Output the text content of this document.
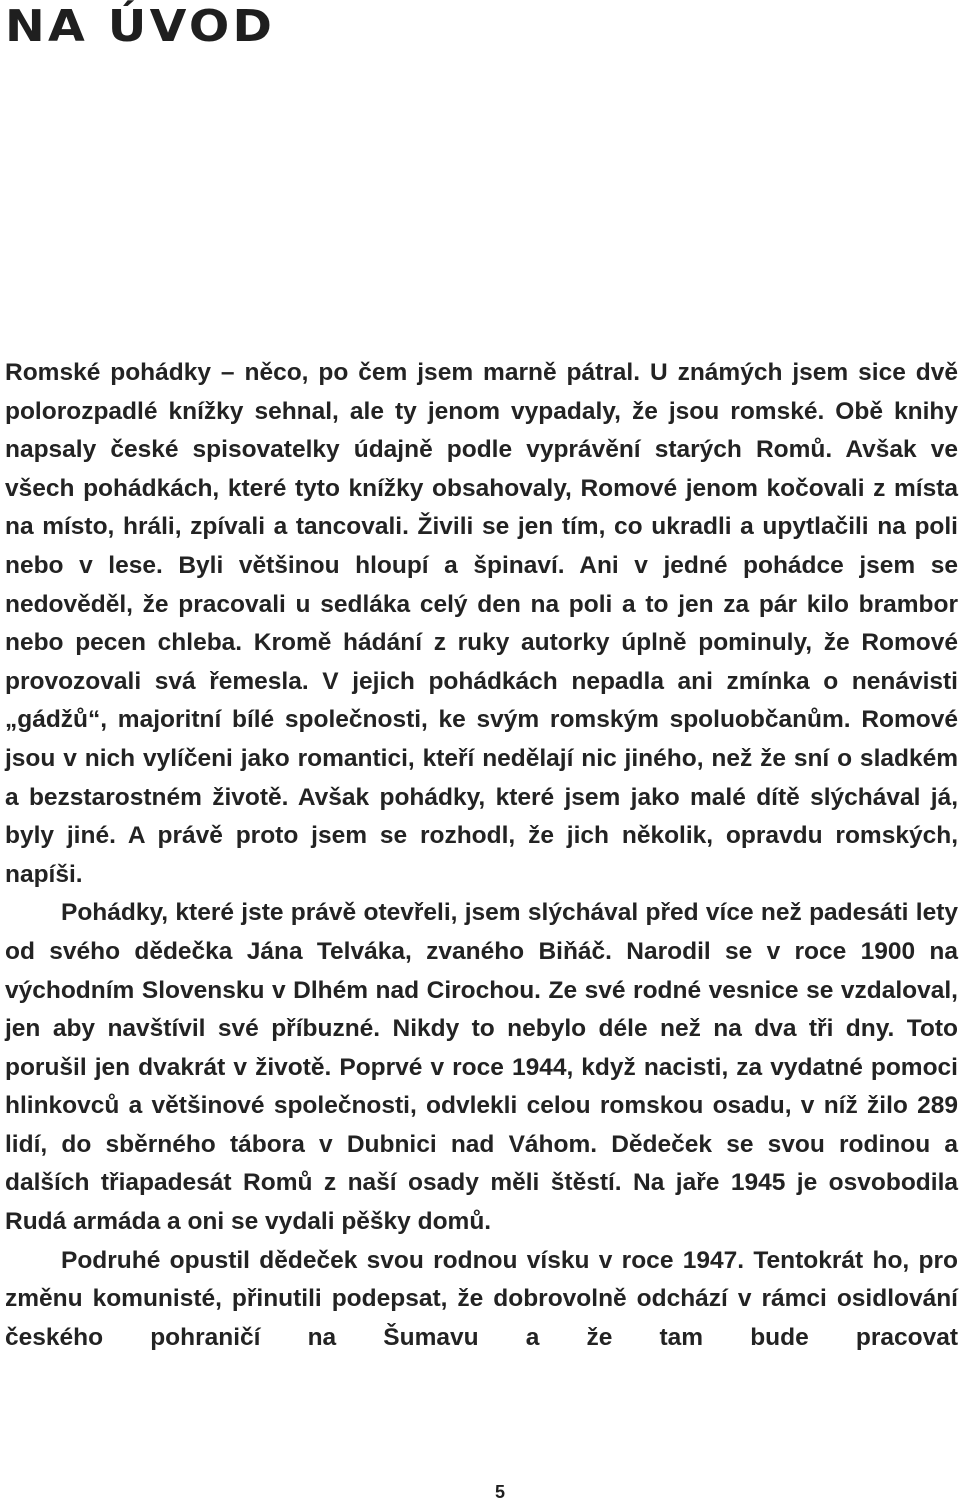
NA ÚVOD

Romské pohádky – něco, po čem jsem marně pátral. U známých jsem sice dvě polorozpadlé knížky sehnal, ale ty jenom vypadaly, že jsou romské. Obě knihy napsaly české spisovatelky údajně podle vyprávění starých Romů. Avšak ve všech pohádkách, které tyto knížky obsahovaly, Romové jenom kočovali z místa na místo, hráli, zpívali a tancovali. Živili se jen tím, co ukradli a upytlačili na poli nebo v lese. Byli většinou hloupí a špinaví. Ani v jedné pohádce jsem se nedověděl, že pracovali u sedláka celý den na poli a to jen za pár kilo brambor nebo pecen chleba. Kromě hádání z ruky autorky úplně pominuly, že Romové provozovali svá řemesla. V jejich pohádkách nepadla ani zmínka o nenávisti „gádžů“, majoritní bílé společnosti, ke svým romským spoluobčanům. Romové jsou v nich vylíčeni jako romantici, kteří nedělají nic jiného, než že sní o sladkém a bezstarostném životě. Avšak pohádky, které jsem jako malé dítě slýchával já, byly jiné. A právě proto jsem se rozhodl, že jich několik, opravdu romských, napíši.

Pohádky, které jste právě otevřeli, jsem slýchával před více než padesáti lety od svého dědečka Jána Telváka, zvaného Biňáč. Narodil se v roce 1900 na východním Slovensku v Dlhém nad Cirochou. Ze své rodné vesnice se vzdaloval, jen aby navštívil své příbuzné. Nikdy to nebylo déle než na dva tři dny. Toto porušil jen dvakrát v životě. Poprvé v roce 1944, když nacisti, za vydatné pomoci hlinkovců a většinové společnosti, odvlekli celou romskou osadu, v níž žilo 289 lidí, do sběrného tábora v Dubnici nad Váhom. Dědeček se svou rodinou a dalších třiapadesát Romů z naší osady měli štěstí. Na jaře 1945 je osvobodila Rudá armáda a oni se vydali pěšky domů.

Podruhé opustil dědeček svou rodnou vísku v roce 1947. Tentokrát ho, pro změnu komunisté, přinutili podepsat, že dobrovolně odchází v rámci osidlování českého pohraničí na Šumavu a že tam bude pracovat

5
